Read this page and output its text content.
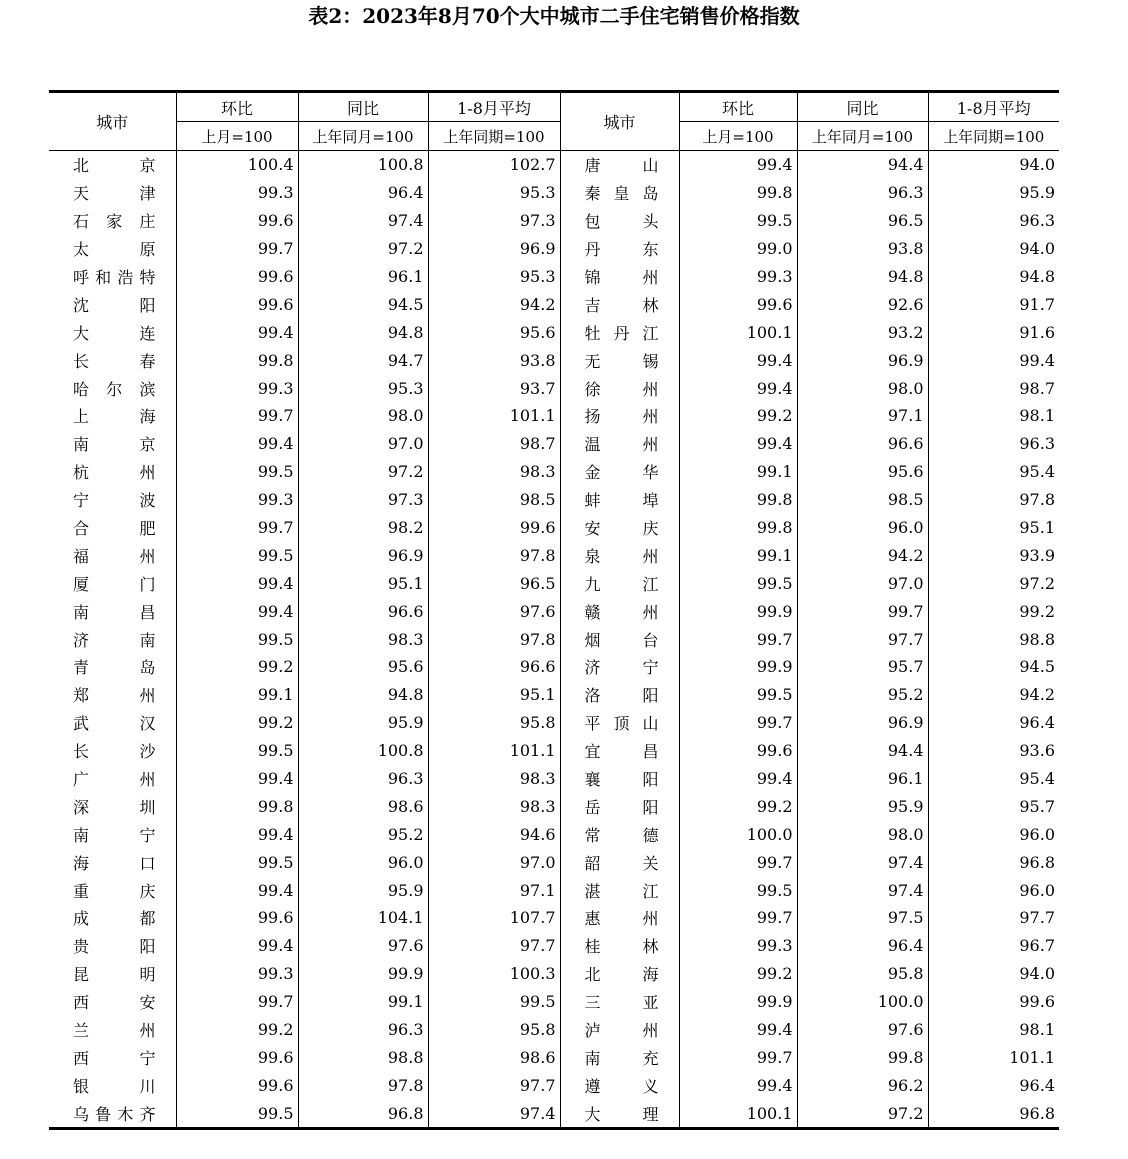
表2：2023年8月70个大中城市二手住宅销售价格指数
城市	环比	同比	1-8月平均	城市	环比	同比	1-8月平均
	上月=100	上年同月=100	上年同期=100		上月=100	上年同月=100	上年同期=100
北 京	100.4	100.8	102.7	唐 山	99.4	94.4	94.0
天 津	99.3	96.4	95.3	秦皇岛	99.8	96.3	95.9
石家庄	99.6	97.4	97.3	包 头	99.5	96.5	96.3
太 原	99.7	97.2	96.9	丹 东	99.0	93.8	94.0
呼和浩特	99.6	96.1	95.3	锦 州	99.3	94.8	94.8
沈 阳	99.6	94.5	94.2	吉 林	99.6	92.6	91.7
大 连	99.4	94.8	95.6	牡丹江	100.1	93.2	91.6
长 春	99.8	94.7	93.8	无 锡	99.4	96.9	99.4
哈尔滨	99.3	95.3	93.7	徐 州	99.4	98.0	98.7
上 海	99.7	98.0	101.1	扬 州	99.2	97.1	98.1
南 京	99.4	97.0	98.7	温 州	99.4	96.6	96.3
杭 州	99.5	97.2	98.3	金 华	99.1	95.6	95.4
宁 波	99.3	97.3	98.5	蚌 埠	99.8	98.5	97.8
合 肥	99.7	98.2	99.6	安 庆	99.8	96.0	95.1
福 州	99.5	96.9	97.8	泉 州	99.1	94.2	93.9
厦 门	99.4	95.1	96.5	九 江	99.5	97.0	97.2
南 昌	99.4	96.6	97.6	赣 州	99.9	99.7	99.2
济 南	99.5	98.3	97.8	烟 台	99.7	97.7	98.8
青 岛	99.2	95.6	96.6	济 宁	99.9	95.7	94.5
郑 州	99.1	94.8	95.1	洛 阳	99.5	95.2	94.2
武 汉	99.2	95.9	95.8	平顶山	99.7	96.9	96.4
长 沙	99.5	100.8	101.1	宜 昌	99.6	94.4	93.6
广 州	99.4	96.3	98.3	襄 阳	99.4	96.1	95.4
深 圳	99.8	98.6	98.3	岳 阳	99.2	95.9	95.7
南 宁	99.4	95.2	94.6	常 德	100.0	98.0	96.0
海 口	99.5	96.0	97.0	韶 关	99.7	97.4	96.8
重 庆	99.4	95.9	97.1	湛 江	99.5	97.4	96.0
成 都	99.6	104.1	107.7	惠 州	99.7	97.5	97.7
贵 阳	99.4	97.6	97.7	桂 林	99.3	96.4	96.7
昆 明	99.3	99.9	100.3	北 海	99.2	95.8	94.0
西 安	99.7	99.1	99.5	三 亚	99.9	100.0	99.6
兰 州	99.2	96.3	95.8	泸 州	99.4	97.6	98.1
西 宁	99.6	98.8	98.6	南 充	99.7	99.8	101.1
银 川	99.6	97.8	97.7	遵 义	99.4	96.2	96.4
乌鲁木齐	99.5	96.8	97.4	大 理	100.1	97.2	96.8
